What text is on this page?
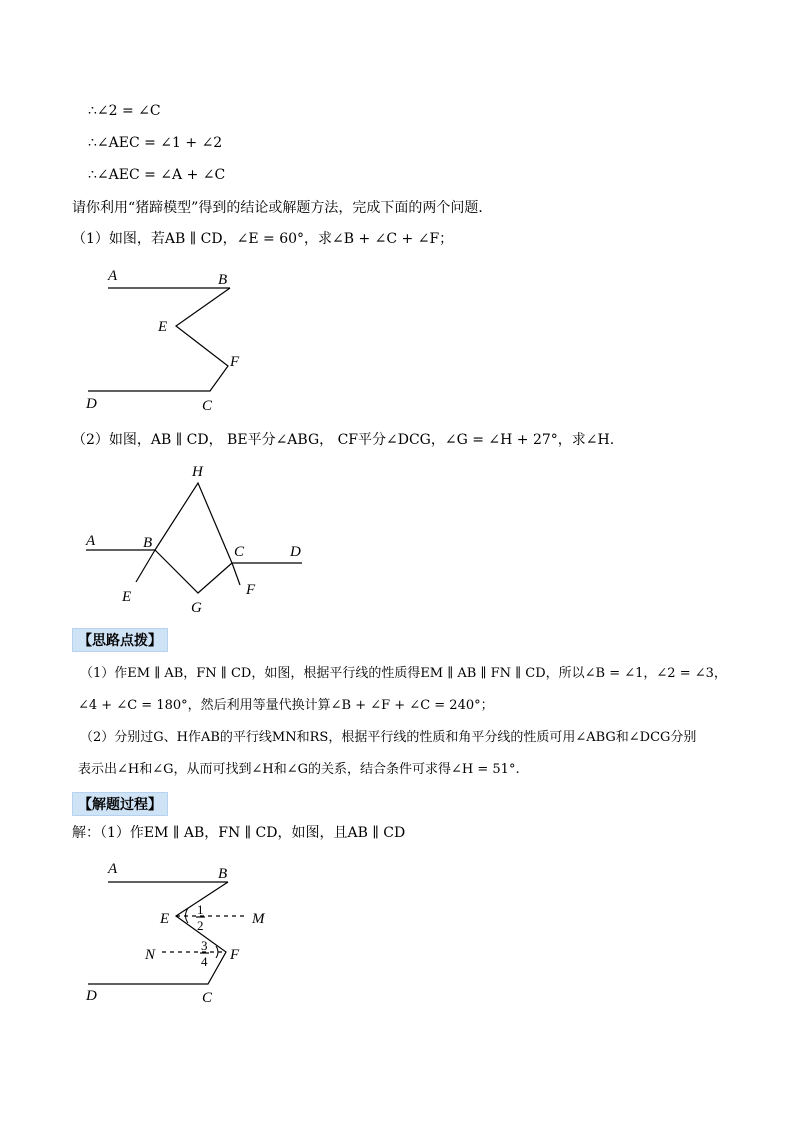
∴∠2 = ∠C
∴∠AEC = ∠1 + ∠2
∴∠AEC = ∠A + ∠C
请你利用“猪蹄模型”得到的结论或解题方法，完成下面的两个问题．
（1）如图，若AB ∥ CD，∠E = 60°，求∠B + ∠C + ∠F；
A	B
E
F
D	C
（2）如图，AB ∥ CD， BE平分∠ABG， CF平分∠DCG，∠G = ∠H + 27°，求∠H.
H
A	B
C	D
E	F
G
【思路点拨】
（1）作EM ∥ AB，FN ∥ CD，如图，根据平行线的性质得EM ∥ AB ∥ FN ∥ CD，所以∠B = ∠1，∠2 = ∠3，
∠4 + ∠C = 180°，然后利用等量代换计算∠B + ∠F + ∠C = 240°；
（2）分别过G、H作AB的平行线MN和RS，根据平行线的性质和角平分线的性质可用∠ABG和∠DCG分别
表示出∠H和∠G，从而可找到∠H和∠G的关系，结合条件可求得∠H = 51°.
【解题过程】
解：（1）作EM ∥ AB，FN ∥ CD，如图，且AB ∥ CD
A	B
E	M
N	F
D	C
1
2
3
4
